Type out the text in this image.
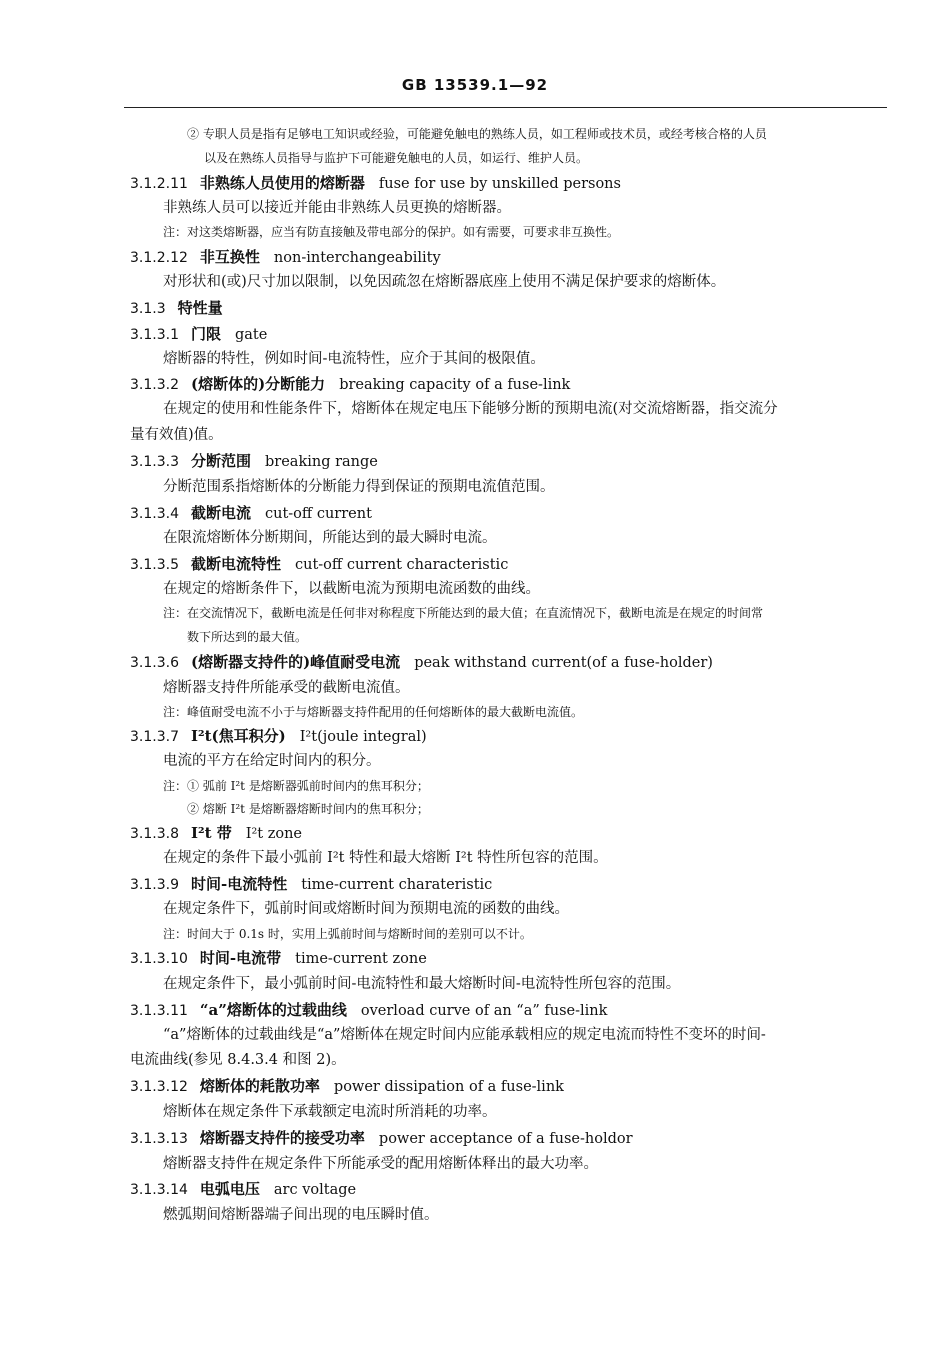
GB 13539.1—92
② 专职人员是指有足够电工知识或经验，可能避免触电的熟练人员，如工程师或技术员，或经考核合格的人员
以及在熟练人员指导与监护下可能避免触电的人员，如运行、维护人员。
3.1.2.11 非熟练人员使用的熔断器 fuse for use by unskilled persons
非熟练人员可以接近并能由非熟练人员更换的熔断器。
注：对这类熔断器，应当有防直接触及带电部分的保护。如有需要，可要求非互换性。
3.1.2.12 非互换性 non-interchangeability
对形状和(或)尺寸加以限制，以免因疏忽在熔断器底座上使用不满足保护要求的熔断体。
3.1.3 特性量
3.1.3.1 门限 gate
熔断器的特性，例如时间-电流特性，应介于其间的极限值。
3.1.3.2 (熔断体的)分断能力 breaking capacity of a fuse-link
在规定的使用和性能条件下，熔断体在规定电压下能够分断的预期电流(对交流熔断器，指交流分
量有效值)值。
3.1.3.3 分断范围 breaking range
分断范围系指熔断体的分断能力得到保证的预期电流值范围。
3.1.3.4 截断电流 cut-off current
在限流熔断体分断期间，所能达到的最大瞬时电流。
3.1.3.5 截断电流特性 cut-off current characteristic
在规定的熔断条件下，以截断电流为预期电流函数的曲线。
注：在交流情况下，截断电流是任何非对称程度下所能达到的最大值；在直流情况下，截断电流是在规定的时间常
数下所达到的最大值。
3.1.3.6 (熔断器支持件的)峰值耐受电流 peak withstand current(of a fuse-holder)
熔断器支持件所能承受的截断电流值。
注：峰值耐受电流不小于与熔断器支持件配用的任何熔断体的最大截断电流值。
3.1.3.7 I²t(焦耳积分) I²t(joule integral)
电流的平方在给定时间内的积分。
注：① 弧前 I²t 是熔断器弧前时间内的焦耳积分；
② 熔断 I²t 是熔断器熔断时间内的焦耳积分；
3.1.3.8 I²t 带 I²t zone
在规定的条件下最小弧前 I²t 特性和最大熔断 I²t 特性所包容的范围。
3.1.3.9 时间-电流特性 time-current charateristic
在规定条件下，弧前时间或熔断时间为预期电流的函数的曲线。
注：时间大于 0.1s 时，实用上弧前时间与熔断时间的差别可以不计。
3.1.3.10 时间-电流带 time-current zone
在规定条件下，最小弧前时间-电流特性和最大熔断时间-电流特性所包容的范围。
3.1.3.11 “a”熔断体的过载曲线 overload curve of an “a” fuse-link
“a”熔断体的过载曲线是“a”熔断体在规定时间内应能承载相应的规定电流而特性不变坏的时间-
电流曲线(参见 8.4.3.4 和图 2)。
3.1.3.12 熔断体的耗散功率 power dissipation of a fuse-link
熔断体在规定条件下承载额定电流时所消耗的功率。
3.1.3.13 熔断器支持件的接受功率 power acceptance of a fuse-holdor
熔断器支持件在规定条件下所能承受的配用熔断体释出的最大功率。
3.1.3.14 电弧电压 arc voltage
燃弧期间熔断器端子间出现的电压瞬时值。
